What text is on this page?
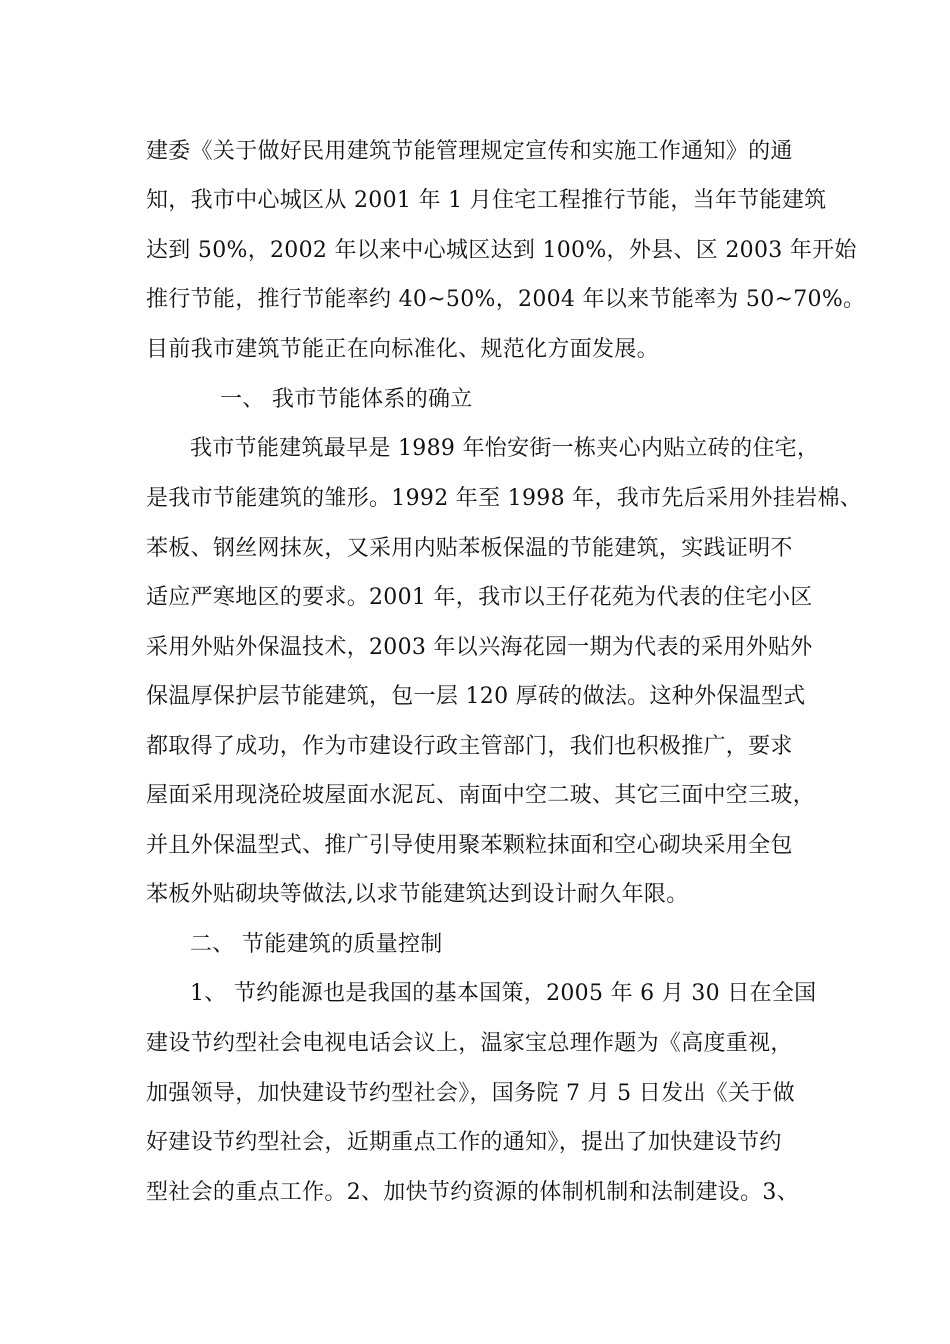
建委《关于做好民用建筑节能管理规定宣传和实施工作通知》的通
知，我市中心城区从 2001 年 1 月住宅工程推行节能，当年节能建筑
达到 50%，2002 年以来中心城区达到 100%，外县、区 2003 年开始
推行节能，推行节能率约 40~50%，2004 年以来节能率为 50~70%。
目前我市建筑节能正在向标准化、规范化方面发展。
一、 我市节能体系的确立
我市节能建筑最早是 1989 年怡安街一栋夹心内贴立砖的住宅，
是我市节能建筑的雏形。1992 年至 1998 年，我市先后采用外挂岩棉、
苯板、钢丝网抹灰，又采用内贴苯板保温的节能建筑，实践证明不
适应严寒地区的要求。2001 年，我市以王仔花苑为代表的住宅小区
采用外贴外保温技术，2003 年以兴海花园一期为代表的采用外贴外
保温厚保护层节能建筑，包一层 120 厚砖的做法。这种外保温型式
都取得了成功，作为市建设行政主管部门，我们也积极推广，要求
屋面采用现浇砼坡屋面水泥瓦、南面中空二玻、其它三面中空三玻，
并且外保温型式、推广引导使用聚苯颗粒抹面和空心砌块采用全包
苯板外贴砌块等做法,以求节能建筑达到设计耐久年限。
二、 节能建筑的质量控制
1、 节约能源也是我国的基本国策，2005 年 6 月 30 日在全国
建设节约型社会电视电话会议上，温家宝总理作题为《高度重视，
加强领导，加快建设节约型社会》，国务院 7 月 5 日发出《关于做
好建设节约型社会，近期重点工作的通知》，提出了加快建设节约
型社会的重点工作。2、加快节约资源的体制机制和法制建设。3、
